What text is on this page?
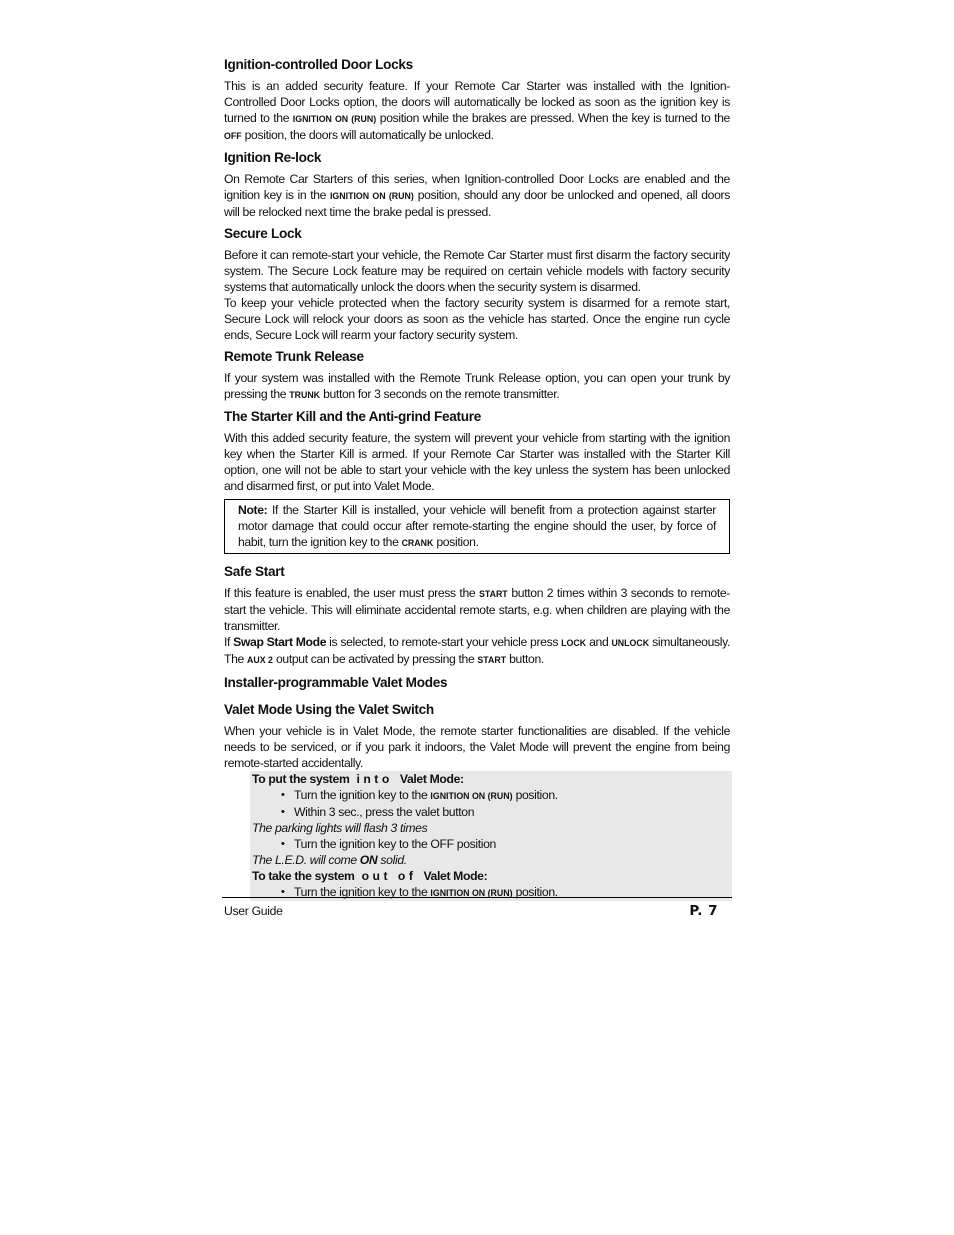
Ignition-controlled Door Locks

This is an added security feature. If your Remote Car Starter was installed with the Ignition-Controlled Door Locks option, the doors will automatically be locked as soon as the ignition key is turned to the IGNITION ON (RUN) position while the brakes are pressed. When the key is turned to the OFF position, the doors will automatically be unlocked.

Ignition Re-lock

On Remote Car Starters of this series, when Ignition-controlled Door Locks are enabled and the ignition key is in the IGNITION ON (RUN) position, should any door be unlocked and opened, all doors will be relocked next time the brake pedal is pressed.

Secure Lock

Before it can remote-start your vehicle, the Remote Car Starter must first disarm the factory security system. The Secure Lock feature may be required on certain vehicle models with factory security systems that automatically unlock the doors when the security system is disarmed.

To keep your vehicle protected when the factory security system is disarmed for a remote start, Secure Lock will relock your doors as soon as the vehicle has started. Once the engine run cycle ends, Secure Lock will rearm your factory security system.

Remote Trunk Release

If your system was installed with the Remote Trunk Release option, you can open your trunk by pressing the TRUNK button for 3 seconds on the remote transmitter.

The Starter Kill and the Anti-grind Feature

With this added security feature, the system will prevent your vehicle from starting with the ignition key when the Starter Kill is armed. If your Remote Car Starter was installed with the Starter Kill option, one will not be able to start your vehicle with the key unless the system has been unlocked and disarmed first, or put into Valet Mode.

Note: If the Starter Kill is installed, your vehicle will benefit from a protection against starter motor damage that could occur after remote-starting the engine should the user, by force of habit, turn the ignition key to the CRANK position.

Safe Start

If this feature is enabled, the user must press the START button 2 times within 3 seconds to remote-start the vehicle. This will eliminate accidental remote starts, e.g. when children are playing with the transmitter.

If Swap Start Mode is selected, to remote-start your vehicle press LOCK and UNLOCK simultaneously. The AUX 2 output can be activated by pressing the START button.

Installer-programmable Valet Modes
Valet Mode Using the Valet Switch

When your vehicle is in Valet Mode, the remote starter functionalities are disabled. If the vehicle needs to be serviced, or if you park it indoors, the Valet Mode will prevent the engine from being remote-started accidentally.

To put the system into Valet Mode:
• Turn the ignition key to the IGNITION ON (RUN) position.
• Within 3 sec., press the valet button
The parking lights will flash 3 times
• Turn the ignition key to the OFF position
The L.E.D. will come ON solid.
To take the system out of Valet Mode:
• Turn the ignition key to the IGNITION ON (RUN) position.
User Guide	P. 7
